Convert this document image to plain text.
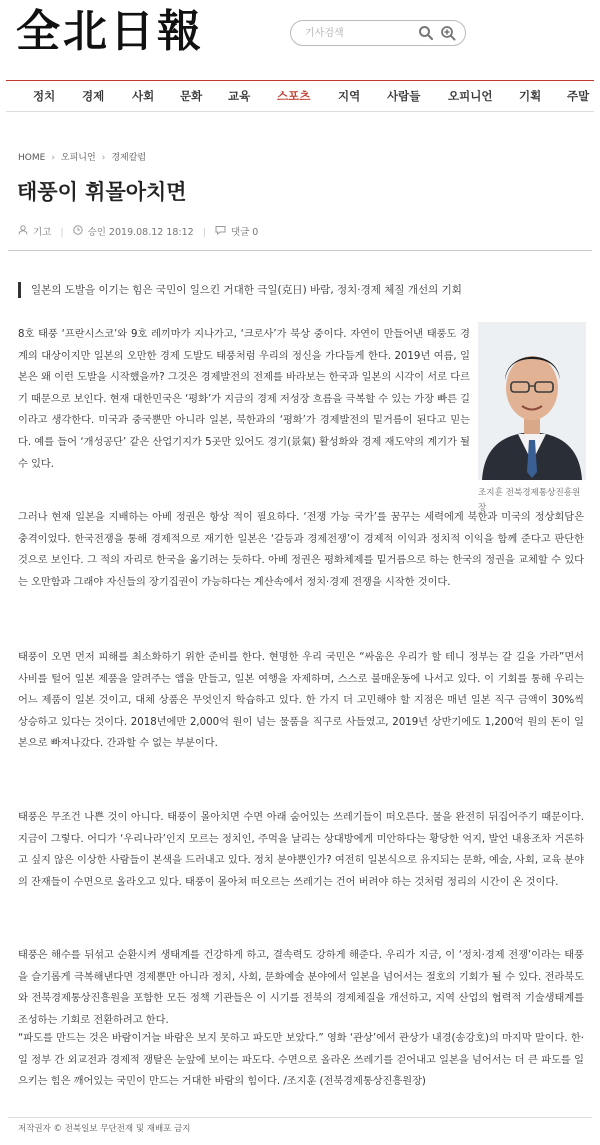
全北日報
기사검색
정치 경제 사회 문화 교육 스포츠 지역 사람들 오피니언 기획 주말
HOME › 오피니언 › 경제칼럼
태풍이 휘몰아치면
기고 |	승인 2019.08.12 18:12 |	댓글 0
일본의 도발을 이기는 힘은 국민이 일으킨 거대한 극일(克日) 바람, 정치·경제 체질 개선의 기회

8호 태풍 ‘프란시스코’와 9호 레끼마가 지나가고, ‘크로사’가 북상 중이다. 자연이 만들어낸 태풍도 경계의 대상이지만 일본의 오만한 경제 도발도 태풍처럼 우리의 정신을 가다듬게 한다. 2019년 여름, 일본은 왜 이런 도발을 시작했을까? 그것은 경제발전의 전제를 바라보는 한국과 일본의 시각이 서로 다르기 때문으로 보인다. 현재 대한민국은 ‘평화’가 지금의 경제 저성장 흐름을 극복할 수 있는 가장 빠른 길이라고 생각한다. 미국과 중국뿐만 아니라 일본, 북한과의 ‘평화’가 경제발전의 밑거름이 된다고 믿는다. 예를 들어 ‘개성공단’ 같은 산업기지가 5곳만 있어도 경기(景氣) 활성화와 경제 재도약의 계기가 될 수 있다.

조지훈 전북경제통상진흥원장

그러나 현재 일본을 지배하는 아베 정권은 항상 적이 필요하다. ‘전쟁 가능 국가’를 꿈꾸는 세력에게 북한과 미국의 정상회담은 충격이었다. 한국전쟁을 통해 경제적으로 재기한 일본은 ‘갈등과 경제전쟁’이 경제적 이익과 정치적 이익을 함께 준다고 판단한 것으로 보인다. 그 적의 자리로 한국을 옮기려는 듯하다. 아베 정권은 평화체제를 밑거름으로 하는 한국의 정권을 교체할 수 있다는 오만함과 그래야 자신들의 장기집권이 가능하다는 계산속에서 정치·경제 전쟁을 시작한 것이다.

태풍이 오면 먼저 피해를 최소화하기 위한 준비를 한다. 현명한 우리 국민은 “싸움은 우리가 할 테니 정부는 갈 길을 가라”면서 사비를 털어 일본 제품을 알려주는 앱을 만들고, 일본 여행을 자제하며, 스스로 불매운동에 나서고 있다. 이 기회를 통해 우리는 어느 제품이 일본 것이고, 대체 상품은 무엇인지 학습하고 있다. 한 가지 더 고민해야 할 지점은 매년 일본 직구 금액이 30%씩 상승하고 있다는 것이다. 2018년에만 2,000억 원이 넘는 물품을 직구로 사들였고, 2019년 상반기에도 1,200억 원의 돈이 일본으로 빠져나갔다. 간과할 수 없는 부분이다.

태풍은 무조건 나쁜 것이 아니다. 태풍이 몰아치면 수면 아래 숨어있는 쓰레기들이 떠오른다. 물을 완전히 뒤집어주기 때문이다. 지금이 그렇다. 어디가 ‘우리나라’인지 모르는 정치인, 주먹을 날리는 상대방에게 미안하다는 황당한 억지, 발언 내용조차 거론하고 싶지 않은 이상한 사람들이 본색을 드러내고 있다. 정치 분야뿐인가? 여전히 일본식으로 유지되는 문화, 예술, 사회, 교육 분야의 잔재들이 수면으로 올라오고 있다. 태풍이 몰아쳐 떠오르는 쓰레기는 건어 버려야 하는 것처럼 정리의 시간이 온 것이다.

태풍은 해수를 뒤섞고 순환시켜 생태계를 건강하게 하고, 결속력도 강하게 해준다. 우리가 지금, 이 ‘정치·경제 전쟁’이라는 태풍을 슬기롭게 극복해낸다면 경제뿐만 아니라 정치, 사회, 문화예술 분야에서 일본을 넘어서는 절호의 기회가 될 수 있다. 전라북도와 전북경제통상진흥원을 포함한 모든 정책 기관들은 이 시기를 전북의 경제체질을 개선하고, 지역 산업의 협력적 기술생태계를 조성하는 기회로 전환하려고 한다.

“파도를 만드는 것은 바람이거늘 바람은 보지 못하고 파도만 보았다.” 영화 ‘관상’에서 관상가 내경(송강호)의 마지막 말이다. 한·일 정부 간 외교전과 경제적 쟁탈은 눈앞에 보이는 파도다. 수면으로 올라온 쓰레기를 걷어내고 일본을 넘어서는 더 큰 파도를 일으키는 힘은 깨어있는 국민이 만드는 거대한 바람의 힘이다. /조지훈 (전북경제통상진흥원장)

저작권자 © 전북일보 무단전재 및 재배포 금지
